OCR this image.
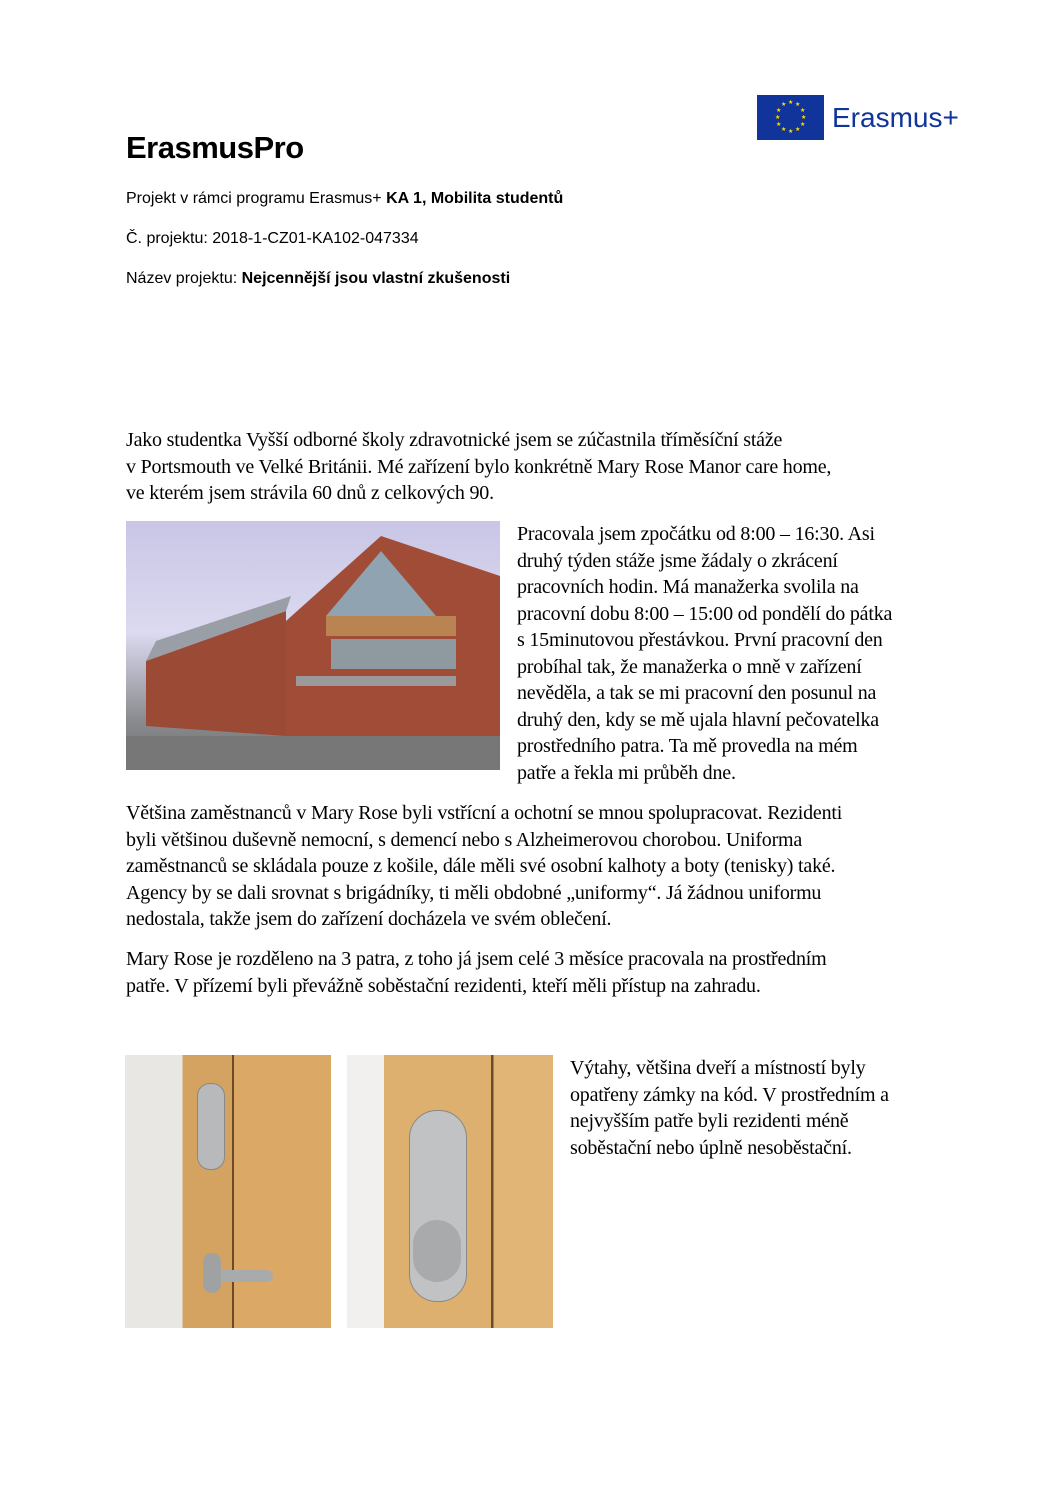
★ ★
★
★
★
★
★
★
★
★
★
★ Erasmus+
ErasmusPro
Projekt v rámci programu Erasmus+ KA 1, Mobilita studentů
Č. projektu: 2018-1-CZ01-KA102-047334
Název projektu: Nejcennější jsou vlastní zkušenosti
Jako studentka Vyšší odborné školy zdravotnické jsem se zúčastnila tříměsíční stáže
v Portsmouth ve Velké Británii. Mé zařízení bylo konkrétně Mary Rose Manor care home,
ve kterém jsem strávila 60 dnů z celkových 90.
Pracovala jsem zpočátku od 8:00 – 16:30. Asi
druhý týden stáže jsme žádaly o zkrácení
pracovních hodin. Má manažerka svolila na
pracovní dobu 8:00 – 15:00 od pondělí do pátka
s 15minutovou přestávkou. První pracovní den
probíhal tak, že manažerka o mně v zařízení
nevěděla, a tak se mi pracovní den posunul na
druhý den, kdy se mě ujala hlavní pečovatelka
prostředního patra. Ta mě provedla na mém
patře a řekla mi průběh dne.
Většina zaměstnanců v Mary Rose byli vstřícní a ochotní se mnou spolupracovat. Rezidenti
byli většinou duševně nemocní, s demencí nebo s Alzheimerovou chorobou. Uniforma
zaměstnanců se skládala pouze z košile, dále měli své osobní kalhoty a boty (tenisky) také.
Agency by se dali srovnat s brigádníky, ti měli obdobné „uniformy“. Já žádnou uniformu
nedostala, takže jsem do zařízení docházela ve svém oblečení.
Mary Rose je rozděleno na 3 patra, z toho já jsem celé 3 měsíce pracovala na prostředním
patře. V přízemí byli převážně soběstační rezidenti, kteří měli přístup na zahradu.
Výtahy, většina dveří a místností byly
opatřeny zámky na kód. V prostředním a
nejvyšším patře byli rezidenti méně
soběstační nebo úplně nesoběstační.
